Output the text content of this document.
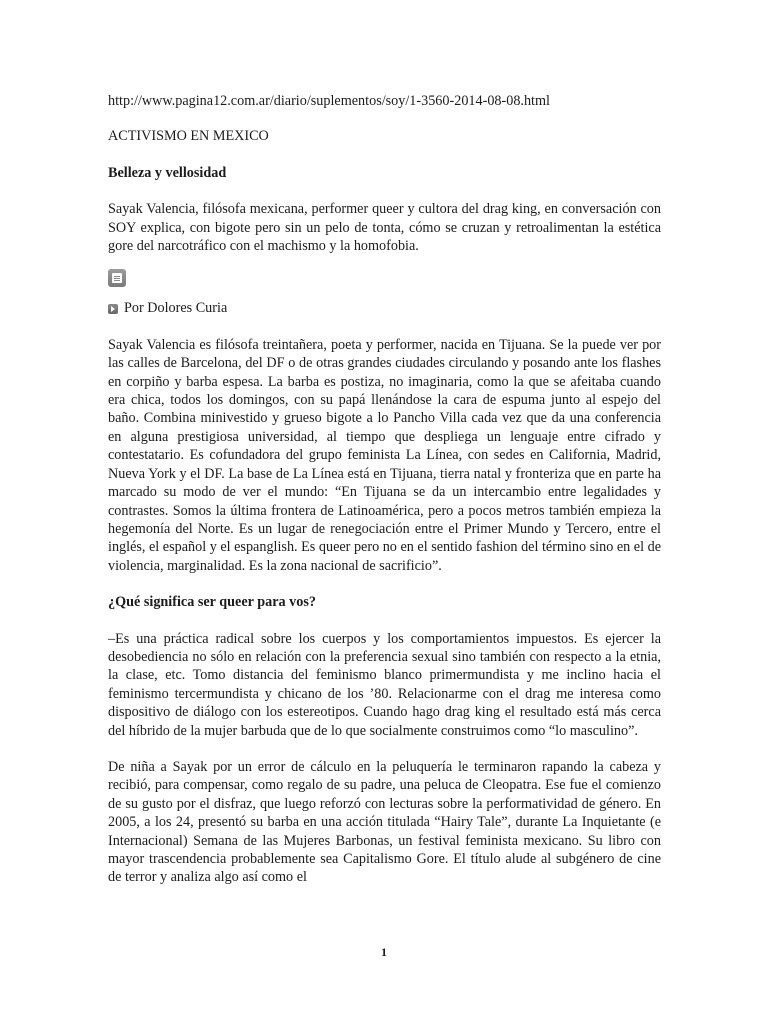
http://www.pagina12.com.ar/diario/suplementos/soy/1-3560-2014-08-08.html

ACTIVISMO EN MEXICO

Belleza y vellosidad

Sayak Valencia, filósofa mexicana, performer queer y cultora del drag king, en conversación con SOY explica, con bigote pero sin un pelo de tonta, cómo se cruzan y retroalimentan la estética gore del narcotráfico con el machismo y la homofobia.

Por Dolores Curia

Sayak Valencia es filósofa treintañera, poeta y performer, nacida en Tijuana. Se la puede ver por las calles de Barcelona, del DF o de otras grandes ciudades circulando y posando ante los flashes en corpiño y barba espesa. La barba es postiza, no imaginaria, como la que se afeitaba cuando era chica, todos los domingos, con su papá llenándose la cara de espuma junto al espejo del baño. Combina minivestido y grueso bigote a lo Pancho Villa cada vez que da una conferencia en alguna prestigiosa universidad, al tiempo que despliega un lenguaje entre cifrado y contestatario. Es cofundadora del grupo feminista La Línea, con sedes en California, Madrid, Nueva York y el DF. La base de La Línea está en Tijuana, tierra natal y fronteriza que en parte ha marcado su modo de ver el mundo: “En Tijuana se da un intercambio entre legalidades y contrastes. Somos la última frontera de Latinoamérica, pero a pocos metros también empieza la hegemonía del Norte. Es un lugar de renegociación entre el Primer Mundo y Tercero, entre el inglés, el español y el espanglish. Es queer pero no en el sentido fashion del término sino en el de violencia, marginalidad. Es la zona nacional de sacrificio”.

¿Qué significa ser queer para vos?

–Es una práctica radical sobre los cuerpos y los comportamientos impuestos. Es ejercer la desobediencia no sólo en relación con la preferencia sexual sino también con respecto a la etnia, la clase, etc. Tomo distancia del feminismo blanco primermundista y me inclino hacia el feminismo tercermundista y chicano de los ’80. Relacionarme con el drag me interesa como dispositivo de diálogo con los estereotipos. Cuando hago drag king el resultado está más cerca del híbrido de la mujer barbuda que de lo que socialmente construimos como “lo masculino”.

De niña a Sayak por un error de cálculo en la peluquería le terminaron rapando la cabeza y recibió, para compensar, como regalo de su padre, una peluca de Cleopatra. Ese fue el comienzo de su gusto por el disfraz, que luego reforzó con lecturas sobre la performatividad de género. En 2005, a los 24, presentó su barba en una acción titulada “Hairy Tale”, durante La Inquietante (e Internacional) Semana de las Mujeres Barbonas, un festival feminista mexicano. Su libro con mayor trascendencia probablemente sea Capitalismo Gore. El título alude al subgénero de cine de terror y analiza algo así como el

1
